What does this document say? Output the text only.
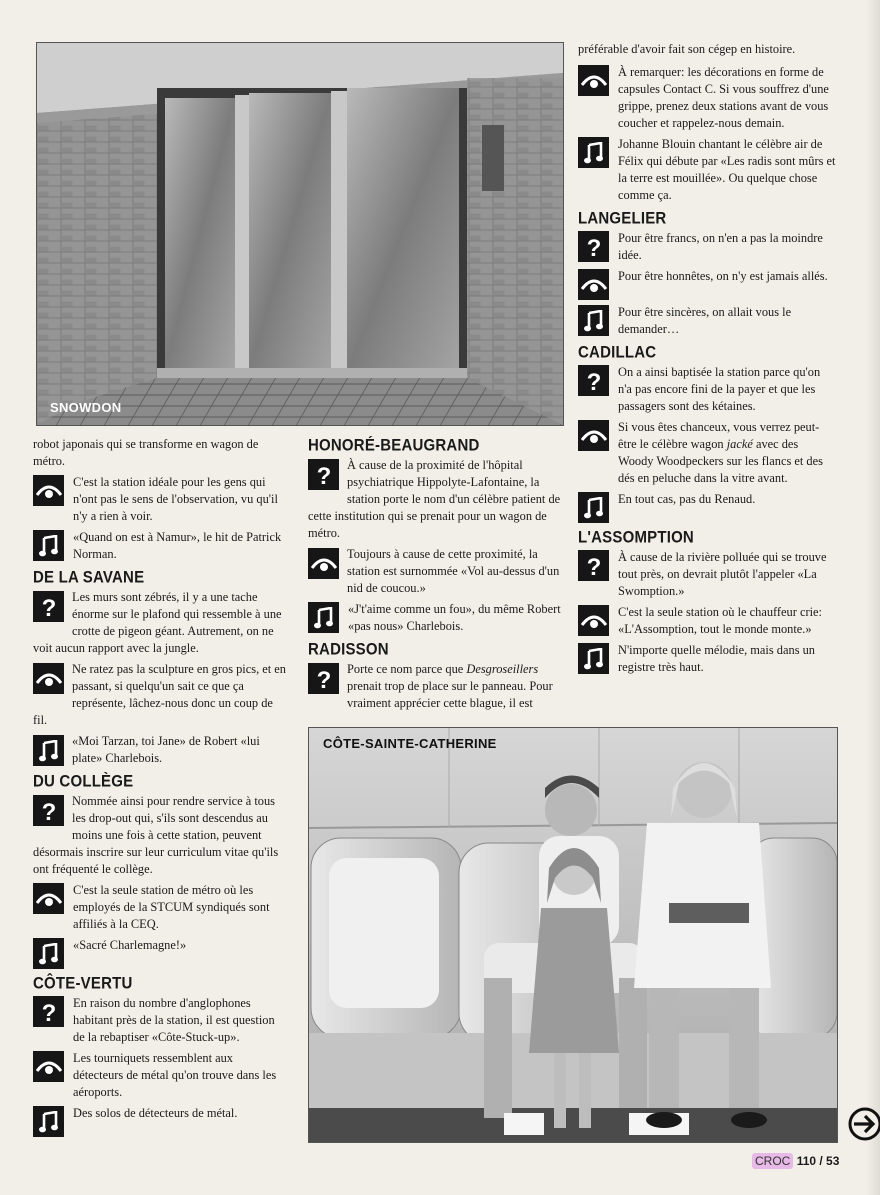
SNOWDON

préférable d'avoir fait son cégep en histoire.

À remarquer: les décorations en forme de capsules Contact C. Si vous souffrez d'une grippe, prenez deux stations avant de vous coucher et rappelez-nous demain.

Johanne Blouin chantant le célèbre air de Félix qui débute par «Les radis sont mûrs et la terre est mouillée». Ou quelque chose comme ça.

LANGELIER
? Pour être francs, on n'en a pas la moindre idée.

Pour être honnêtes, on n'y est jamais allés.

Pour être sincères, on allait vous le demander…

CADILLAC
? On a ainsi baptisée la station parce qu'on n'a pas encore fini de la payer et que les passagers sont des kétaines.

Si vous êtes chanceux, vous verrez peut-être le célèbre wagon jacké avec des Woody Woodpeckers sur les flancs et des dés en peluche dans la vitre avant.

En tout cas, pas du Renaud.

L'ASSOMPTION
? À cause de la rivière polluée qui se trouve tout près, on devrait plutôt l'appeler «La Swomption.»

C'est la seule station où le chauffeur crie: «L'Assomption, tout le monde monte.»

N'importe quelle mélodie, mais dans un registre très haut.

robot japonais qui se transforme en wagon de métro.

C'est la station idéale pour les gens qui n'ont pas le sens de l'observation, vu qu'il n'y a rien à voir.

«Quand on est à Namur», le hit de Patrick Norman.

DE LA SAVANE
?	Les murs sont zébrés, il y a une tache énorme sur le plafond qui ressemble à une crotte de pigeon géant. Autrement, on ne voit aucun rapport avec la jungle.

Ne ratez pas la sculpture en gros pics, et en passant, si quelqu'un sait ce que ça représente, lâchez-nous donc un coup de fil.

«Moi Tarzan, toi Jane» de Robert «lui plate» Charlebois.

DU COLLÈGE
?	Nommée ainsi pour rendre service à tous les drop-out qui, s'ils sont descendus au moins une fois à cette station, peuvent désormais inscrire sur leur curriculum vitae qu'ils ont fréquenté le collège.

C'est la seule station de métro où les employés de la STCUM syndiqués sont affiliés à la CEQ.

«Sacré Charlemagne!»

CÔTE-VERTU
? En raison du nombre d'anglophones habitant près de la station, il est question de la rebaptiser «Côte-Stuck-up».

Les tourniquets ressemblent aux détecteurs de métal qu'on trouve dans les aéroports.

Des solos de détecteurs de métal.

HONORÉ-BEAUGRAND
?	À cause de la proximité de l'hôpital psychiatrique Hippolyte-Lafontaine, la station porte le nom d'un célèbre patient de cette institution qui se prenait pour un wagon de métro.

Toujours à cause de cette proximité, la station est surnommée «Vol au-dessus d'un nid de coucou.»

«J't'aime comme un fou», du même Robert «pas nous» Charlebois.

RADISSON
?	Porte ce nom parce que Desgroseillers prenait trop de place sur le panneau. Pour vraiment apprécier cette blague, il est

CÔTE-SAINTE-CATHERINE
CROC 110 / 53
